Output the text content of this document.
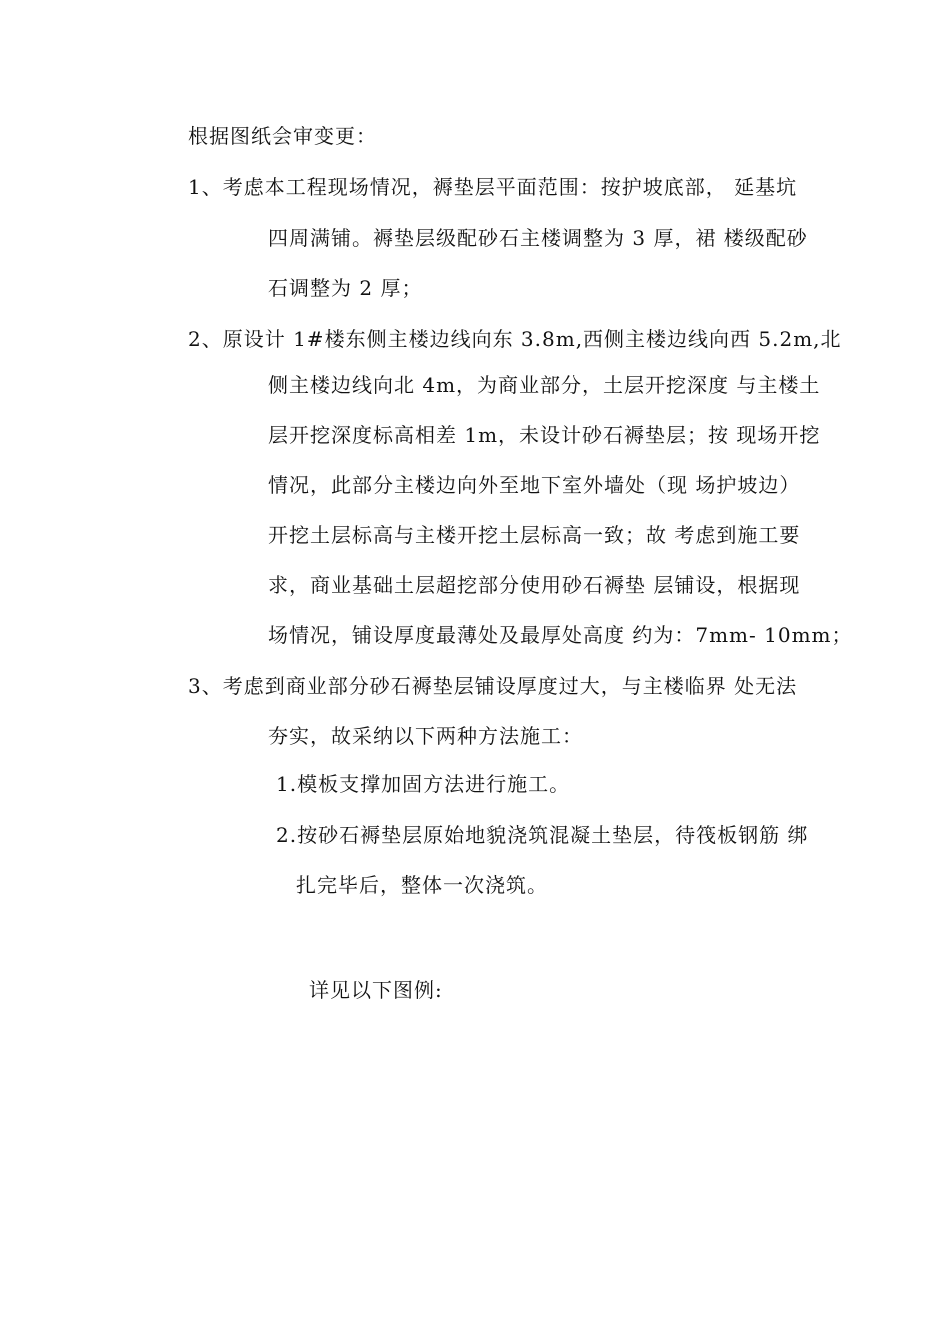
根据图纸会审变更：
1、考虑本工程现场情况，褥垫层平面范围：按护坡底部， 延基坑
四周满铺。褥垫层级配砂石主楼调整为 3 厚，裙 楼级配砂
石调整为 2 厚；
2、原设计 1#楼东侧主楼边线向东 3.8m,西侧主楼边线向西 5.2m,北
侧主楼边线向北 4m，为商业部分，土层开挖深度 与主楼土
层开挖深度标高相差 1m，未设计砂石褥垫层；按 现场开挖
情况，此部分主楼边向外至地下室外墙处（现 场护坡边）
开挖土层标高与主楼开挖土层标高一致；故 考虑到施工要
求，商业基础土层超挖部分使用砂石褥垫 层铺设，根据现
场情况，铺设厚度最薄处及最厚处高度 约为：7mm- 10mm；
3、考虑到商业部分砂石褥垫层铺设厚度过大，与主楼临界 处无法
夯实，故采纳以下两种方法施工：
1.模板支撑加固方法进行施工。
2.按砂石褥垫层原始地貌浇筑混凝土垫层，待筏板钢筋 绑
扎完毕后，整体一次浇筑。
详见以下图例:
